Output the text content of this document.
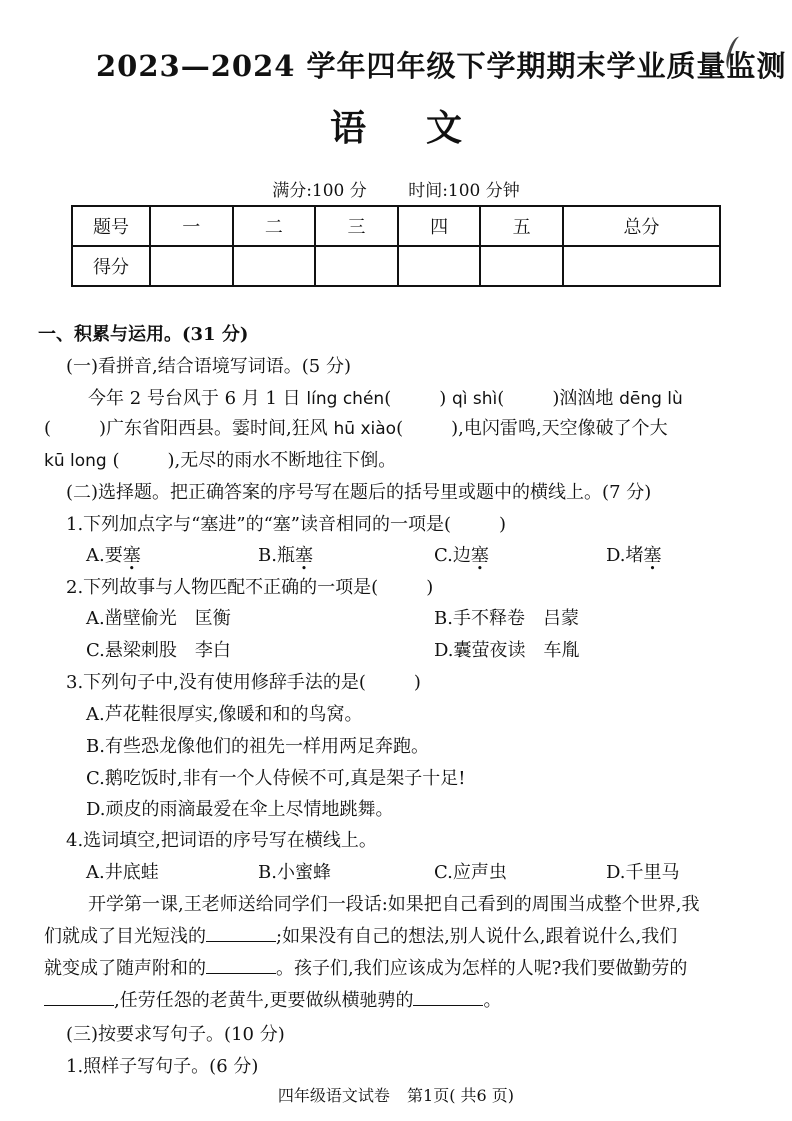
2023—2024 学年四年级下学期期末学业质量监测
语文
满分:100 分 时间:100 分钟
题号	一	二	三	四	五	总分
得分						
一、积累与运用。(31 分)
(一)看拼音,结合语境写词语。(5 分)
今年 2 号台风于 6 月 1 日 líng chén(	) qì shì(	)汹汹地 dēng lù
(	)广东省阳西县。霎时间,狂风 hū xiào(	),电闪雷鸣,天空像破了个大
kū long (	),无尽的雨水不断地往下倒。
(二)选择题。把正确答案的序号写在题后的括号里或题中的横线上。(7 分)
1.下列加点字与“塞进”的“塞”读音相同的一项是(	)
A.要塞	B.瓶塞	C.边塞	D.堵塞
2.下列故事与人物匹配不正确的一项是(	)
A.凿壁偷光　匡衡	B.手不释卷　吕蒙
C.悬梁刺股　李白	D.囊萤夜读　车胤
3.下列句子中,没有使用修辞手法的是(	)
A.芦花鞋很厚实,像暖和和的鸟窝。
B.有些恐龙像他们的祖先一样用两足奔跑。
C.鹅吃饭时,非有一个人侍候不可,真是架子十足!
D.顽皮的雨滴最爱在伞上尽情地跳舞。
4.选词填空,把词语的序号写在横线上。
A.井底蛙	B.小蜜蜂	C.应声虫	D.千里马
开学第一课,王老师送给同学们一段话:如果把自己看到的周围当成整个世界,我
们就成了目光短浅的	;如果没有自己的想法,别人说什么,跟着说什么,我们
就变成了随声附和的	。孩子们,我们应该成为怎样的人呢?我们要做勤劳的
,任劳任怨的老黄牛,更要做纵横驰骋的	。
(三)按要求写句子。(10 分)
1.照样子写句子。(6 分)
四年级语文试卷 第1页( 共6 页)
